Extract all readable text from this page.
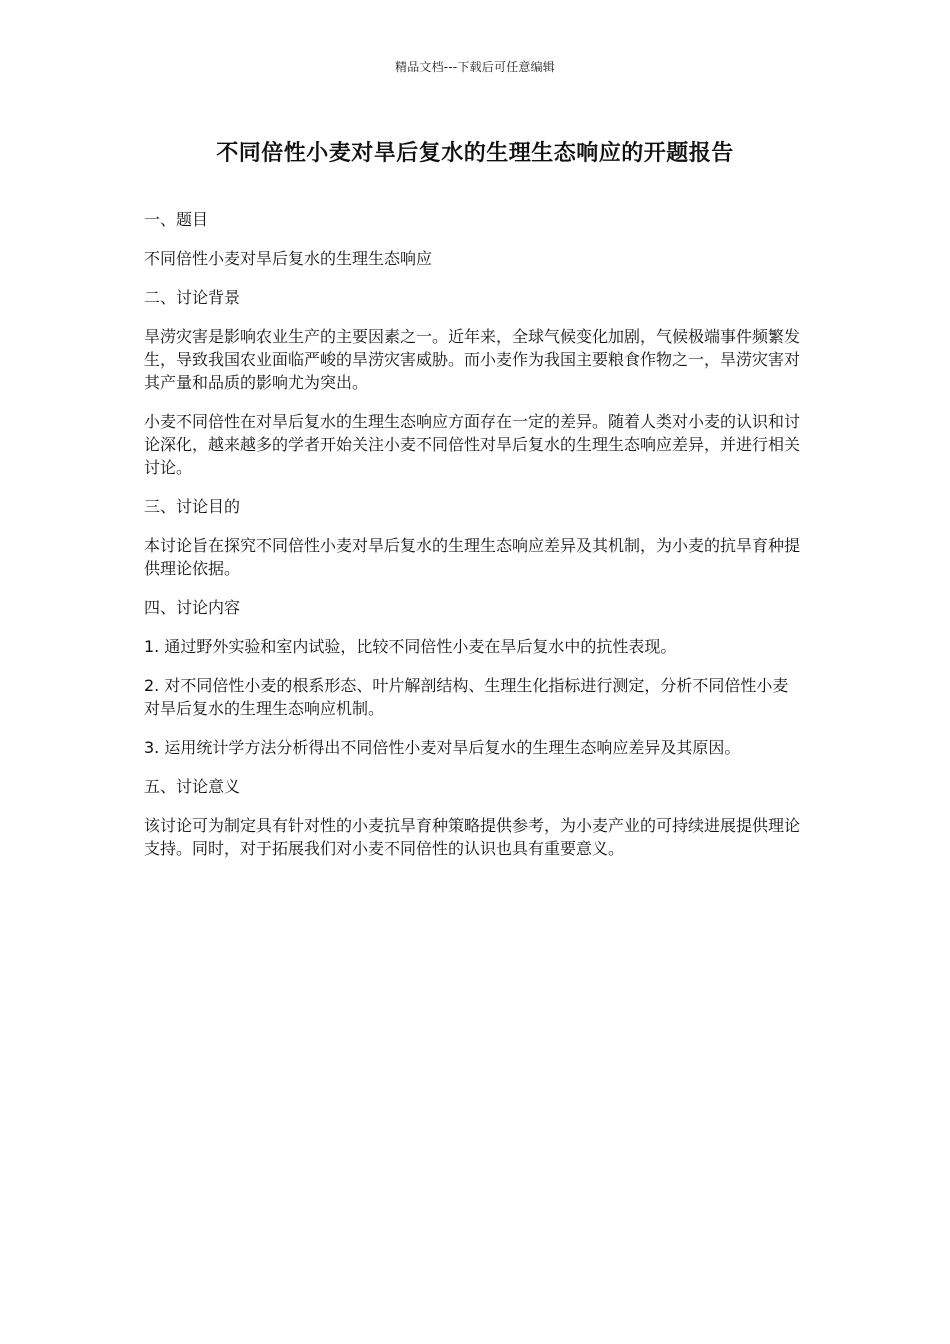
精品文档---下载后可任意编辑
不同倍性小麦对旱后复水的生理生态响应的开题报告
一、题目

不同倍性小麦对旱后复水的生理生态响应

二、讨论背景

旱涝灾害是影响农业生产的主要因素之一。近年来，全球气候变化加剧，气候极端事件频繁发生，导致我国农业面临严峻的旱涝灾害威胁。而小麦作为我国主要粮食作物之一，旱涝灾害对其产量和品质的影响尤为突出。

小麦不同倍性在对旱后复水的生理生态响应方面存在一定的差异。随着人类对小麦的认识和讨论深化，越来越多的学者开始关注小麦不同倍性对旱后复水的生理生态响应差异，并进行相关讨论。

三、讨论目的

本讨论旨在探究不同倍性小麦对旱后复水的生理生态响应差异及其机制，为小麦的抗旱育种提供理论依据。

四、讨论内容

1. 通过野外实验和室内试验，比较不同倍性小麦在旱后复水中的抗性表现。

2. 对不同倍性小麦的根系形态、叶片解剖结构、生理生化指标进行测定，分析不同倍性小麦对旱后复水的生理生态响应机制。

3. 运用统计学方法分析得出不同倍性小麦对旱后复水的生理生态响应差异及其原因。

五、讨论意义

该讨论可为制定具有针对性的小麦抗旱育种策略提供参考，为小麦产业的可持续进展提供理论支持。同时，对于拓展我们对小麦不同倍性的认识也具有重要意义。
